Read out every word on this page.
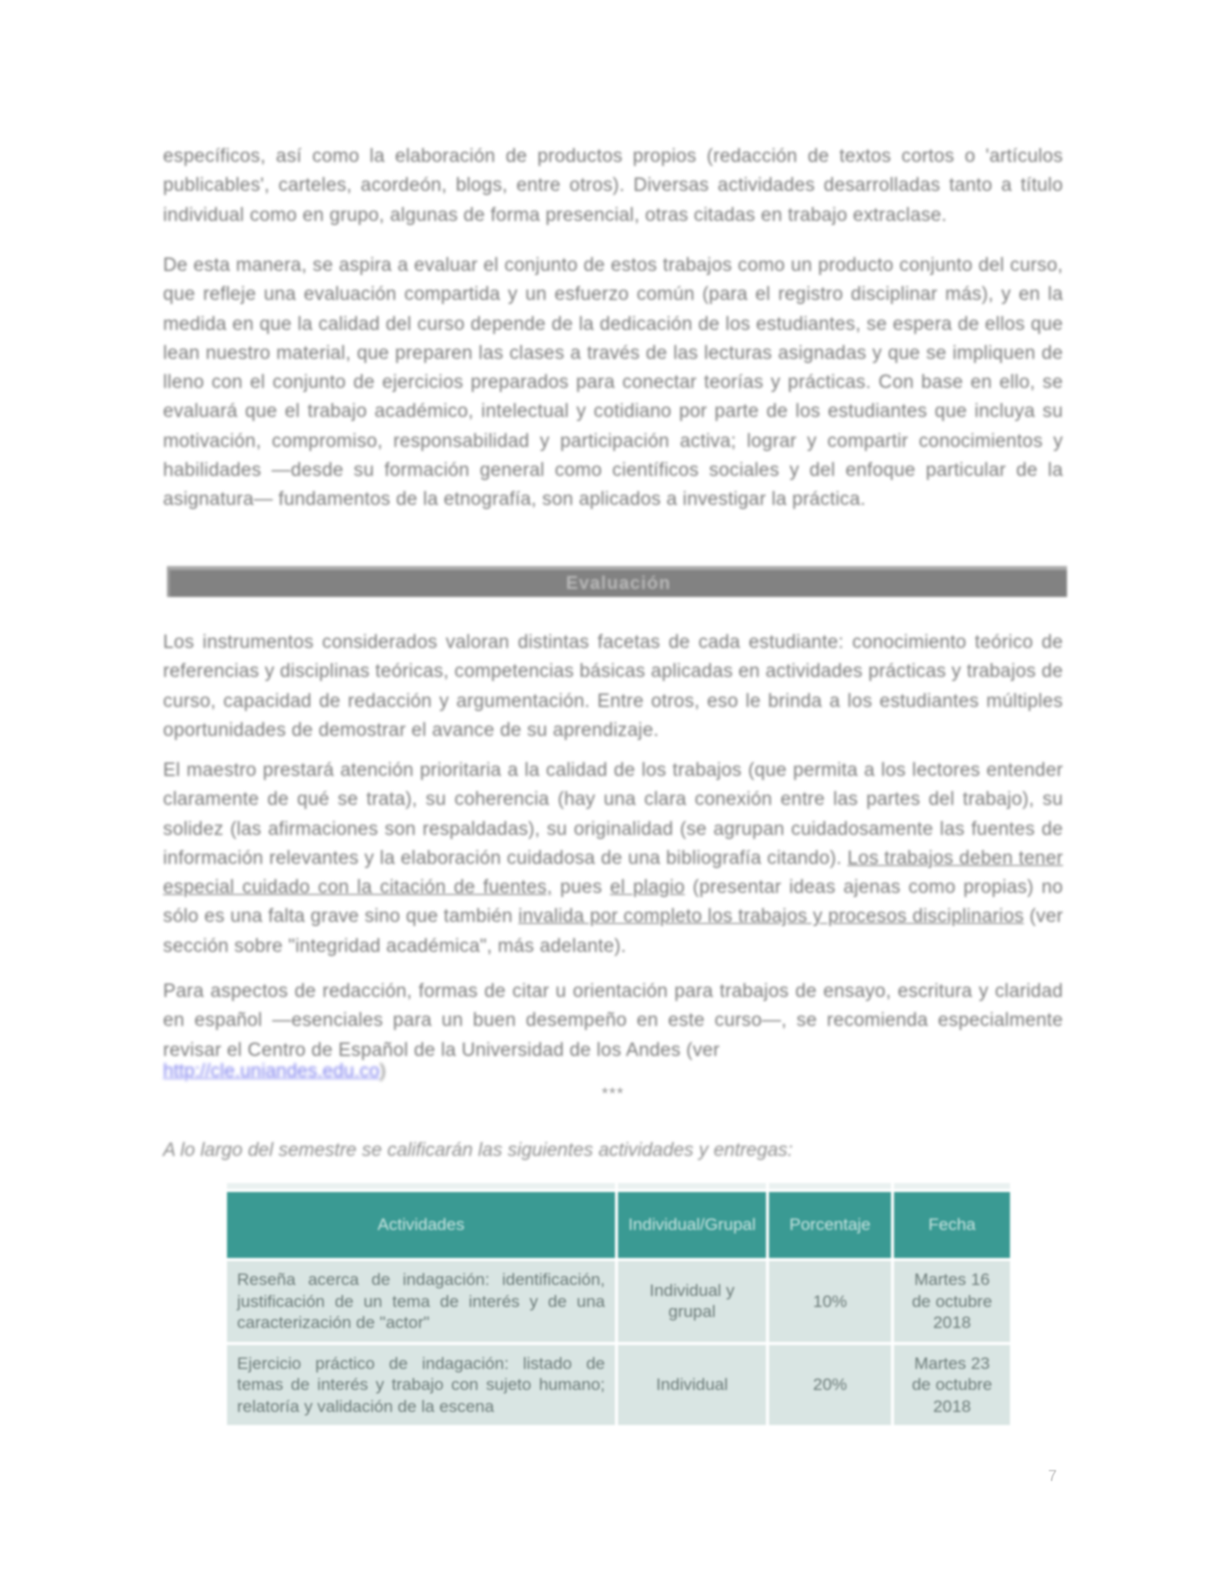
específicos, así como la elaboración de productos propios (redacción de textos cortos o 'artículos publicables', carteles, acordeón, blogs, entre otros). Diversas actividades desarrolladas tanto a título individual como en grupo, algunas de forma presencial, otras citadas en trabajo extraclase.

De esta manera, se aspira a evaluar el conjunto de estos trabajos como un producto conjunto del curso, que refleje una evaluación compartida y un esfuerzo común (para el registro disciplinar más), y en la medida en que la calidad del curso depende de la dedicación de los estudiantes, se espera de ellos que lean nuestro material, que preparen las clases a través de las lecturas asignadas y que se impliquen de lleno con el conjunto de ejercicios preparados para conectar teorías y prácticas. Con base en ello, se evaluará que el trabajo académico, intelectual y cotidiano por parte de los estudiantes que incluya su motivación, compromiso, responsabilidad y participación activa; lograr y compartir conocimientos y habilidades —desde su formación general como científicos sociales y del enfoque particular de la asignatura— fundamentos de la etnografía, son aplicados a investigar la práctica.

Evaluación

Los instrumentos considerados valoran distintas facetas de cada estudiante: conocimiento teórico de referencias y disciplinas teóricas, competencias básicas aplicadas en actividades prácticas y trabajos de curso, capacidad de redacción y argumentación. Entre otros, eso le brinda a los estudiantes múltiples oportunidades de demostrar el avance de su aprendizaje.

El maestro prestará atención prioritaria a la calidad de los trabajos (que permita a los lectores entender claramente de qué se trata), su coherencia (hay una clara conexión entre las partes del trabajo), su solidez (las afirmaciones son respaldadas), su originalidad (se agrupan cuidadosamente las fuentes de información relevantes y la elaboración cuidadosa de una bibliografía citando). Los trabajos deben tener especial cuidado con la citación de fuentes, pues el plagio (presentar ideas ajenas como propias) no sólo es una falta grave sino que también invalida por completo los trabajos y procesos disciplinarios (ver sección sobre "integridad académica", más adelante).

Para aspectos de redacción, formas de citar u orientación para trabajos de ensayo, escritura y claridad en español —esenciales para un buen desempeño en este curso—, se recomienda especialmente revisar el Centro de Español de la Universidad de los Andes (ver

http://cle.uniandes.edu.co)
***

A lo largo del semestre se calificarán las siguientes actividades y entregas:

Actividades	Individual/Grupal	Porcentaje	Fecha
Reseña acerca de indagación: identificación, justificación de un tema de interés y de una caracterización de "actor"	Individual y grupal	10%	Martes 16 de octubre 2018
Ejercicio práctico de indagación: listado de temas de interés y trabajo con sujeto humano; relatoría y validación de la escena	Individual	20%	Martes 23 de octubre 2018
7
